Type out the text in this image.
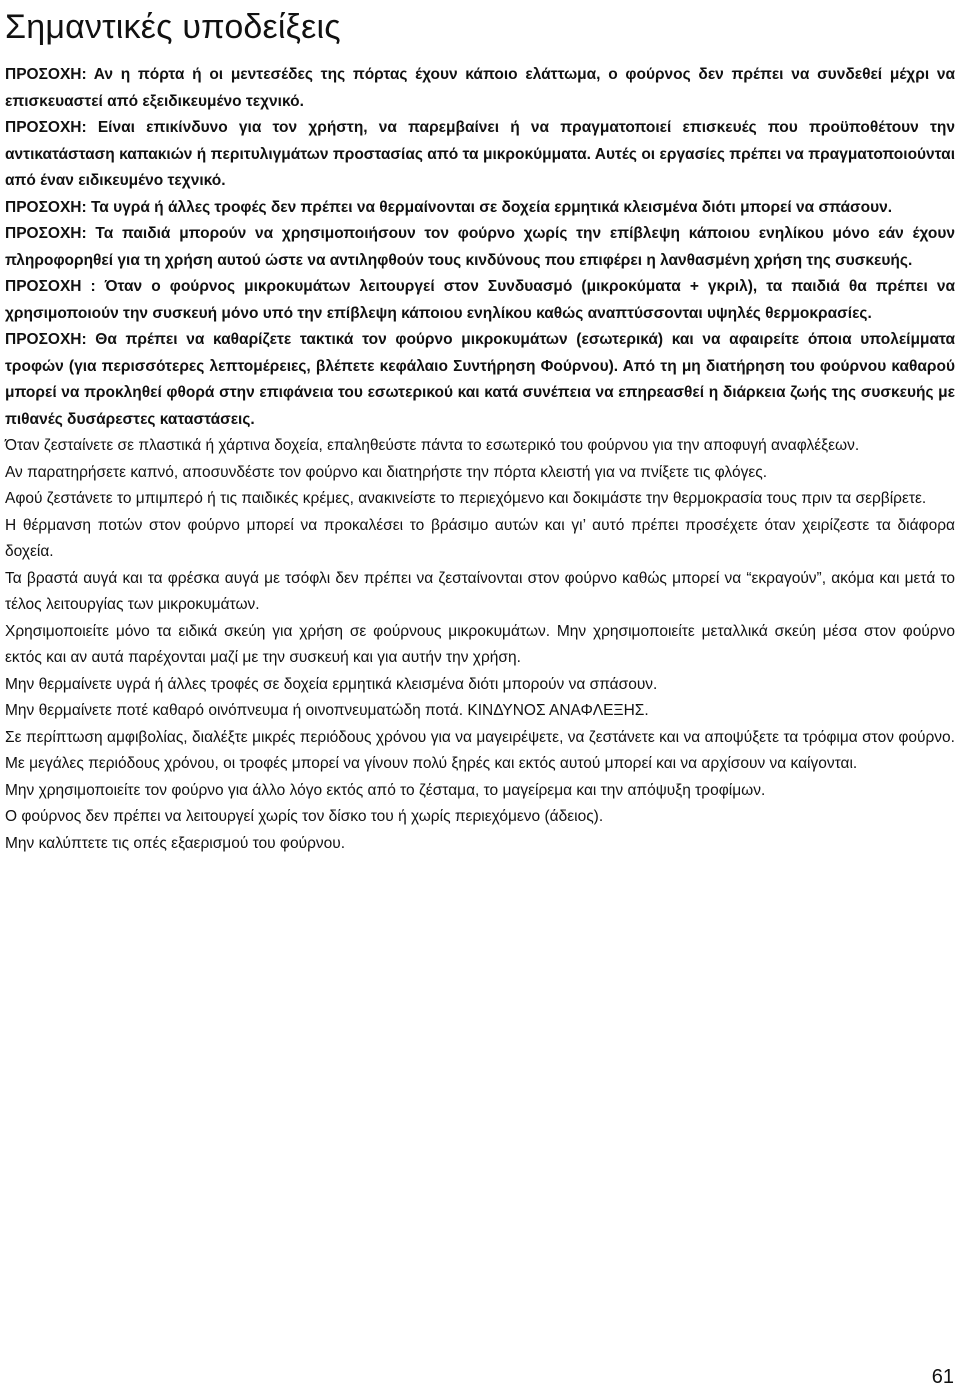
Σημαντικές υποδείξεις

ΠΡΟΣΟΧΗ: Αν η πόρτα ή οι μεντεσέδες της πόρτας έχουν κάποιο ελάττωμα, ο φούρνος δεν πρέπει να συνδεθεί μέχρι να επισκευαστεί από εξειδικευμένο τεχνικό.

ΠΡΟΣΟΧΗ: Είναι επικίνδυνο για τον χρήστη, να παρεμβαίνει ή να πραγματοποιεί επισκευές που προϋποθέτουν την αντικατάσταση καπακιών ή περιτυλιγμάτων προστασίας από τα μικροκύμματα. Αυτές οι εργασίες πρέπει να πραγματοποιούνται από έναν ειδικευμένο τεχνικό.

ΠΡΟΣΟΧΗ: Τα υγρά ή άλλες τροφές δεν πρέπει να θερμαίνονται σε δοχεία ερμητικά κλεισμένα διότι μπορεί να σπάσουν.

ΠΡΟΣΟΧΗ: Τα παιδιά μπορούν να χρησιμοποιήσουν τον φούρνο χωρίς την επίβλεψη κάποιου ενηλίκου μόνο εάν έχουν πληροφορηθεί για τη χρήση αυτού ώστε να αντιληφθούν τους κινδύνους που επιφέρει η λανθασμένη χρήση της συσκευής.

ΠΡΟΣΟΧΗ : Όταν ο φούρνος μικροκυμάτων λειτουργεί στον Συνδυασμό (μικροκύματα + γκριλ), τα παιδιά θα πρέπει να χρησιμοποιούν την συσκευή μόνο υπό την επίβλεψη κάποιου ενηλίκου καθώς αναπτύσσονται υψηλές θερμοκρασίες.

ΠΡΟΣΟΧΗ: Θα πρέπει να καθαρίζετε τακτικά τον φούρνο μικροκυμάτων (εσωτερικά) και να αφαιρείτε όποια υπολείμματα τροφών (για περισσότερες λεπτομέρειες, βλέπετε κεφάλαιο Συντήρηση Φούρνου). Από τη μη διατήρηση του φούρνου καθαρού μπορεί να προκληθεί φθορά στην επιφάνεια του εσωτερικού και κατά συνέπεια να επηρεασθεί η διάρκεια ζωής της συσκευής με πιθανές δυσάρεστες καταστάσεις.

Όταν ζεσταίνετε σε πλαστικά ή χάρτινα δοχεία, επαληθεύστε πάντα το εσωτερικό του φούρνου για την αποφυγή αναφλέξεων.

Αν παρατηρήσετε καπνό, αποσυνδέστε τον φούρνο και διατηρήστε την πόρτα κλειστή για να πνίξετε τις φλόγες.

Αφού ζεστάνετε το μπιμπερό ή τις παιδικές κρέμες, ανακινείστε το περιεχόμενο και δοκιμάστε την θερμοκρασία τους πριν τα σερβίρετε.

Η θέρμανση ποτών στον φούρνο μπορεί να προκαλέσει το βράσιμο αυτών και γι’ αυτό πρέπει προσέχετε όταν χειρίζεστε τα διάφορα δοχεία.

Τα βραστά αυγά και τα φρέσκα αυγά με τσόφλι δεν πρέπει να ζεσταίνονται στον φούρνο καθώς μπορεί να “εκραγούν”, ακόμα και μετά το τέλος λειτουργίας των μικροκυμάτων.

Χρησιμοποιείτε μόνο τα ειδικά σκεύη για χρήση σε φούρνους μικροκυμάτων. Μην χρησιμοποιείτε μεταλλικά σκεύη μέσα στον φούρνο εκτός και αν αυτά παρέχονται μαζί με την συσκευή και για αυτήν την χρήση.

Μην θερμαίνετε υγρά ή άλλες τροφές σε δοχεία ερμητικά κλεισμένα διότι μπορούν να σπάσουν.

Μην θερμαίνετε ποτέ καθαρό οινόπνευμα ή οινοπνευματώδη ποτά. ΚΙΝΔΥΝΟΣ ΑΝΑΦΛΕΞΗΣ.

Σε περίπτωση αμφιβολίας, διαλέξτε μικρές περιόδους χρόνου για να μαγειρέψετε, να ζεστάνετε και να αποψύξετε τα τρόφιμα στον φούρνο. Με μεγάλες περιόδους χρόνου, οι τροφές μπορεί να γίνουν πολύ ξηρές και εκτός αυτού μπορεί και να αρχίσουν να καίγονται.

Μην χρησιμοποιείτε τον φούρνο για άλλο λόγο εκτός από το ζέσταμα, το μαγείρεμα και την απόψυξη τροφίμων.

Ο φούρνος δεν πρέπει να λειτουργεί χωρίς τον δίσκο του ή χωρίς περιεχόμενο (άδειος).

Μην καλύπτετε τις οπές εξαερισμού του φούρνου.

61
